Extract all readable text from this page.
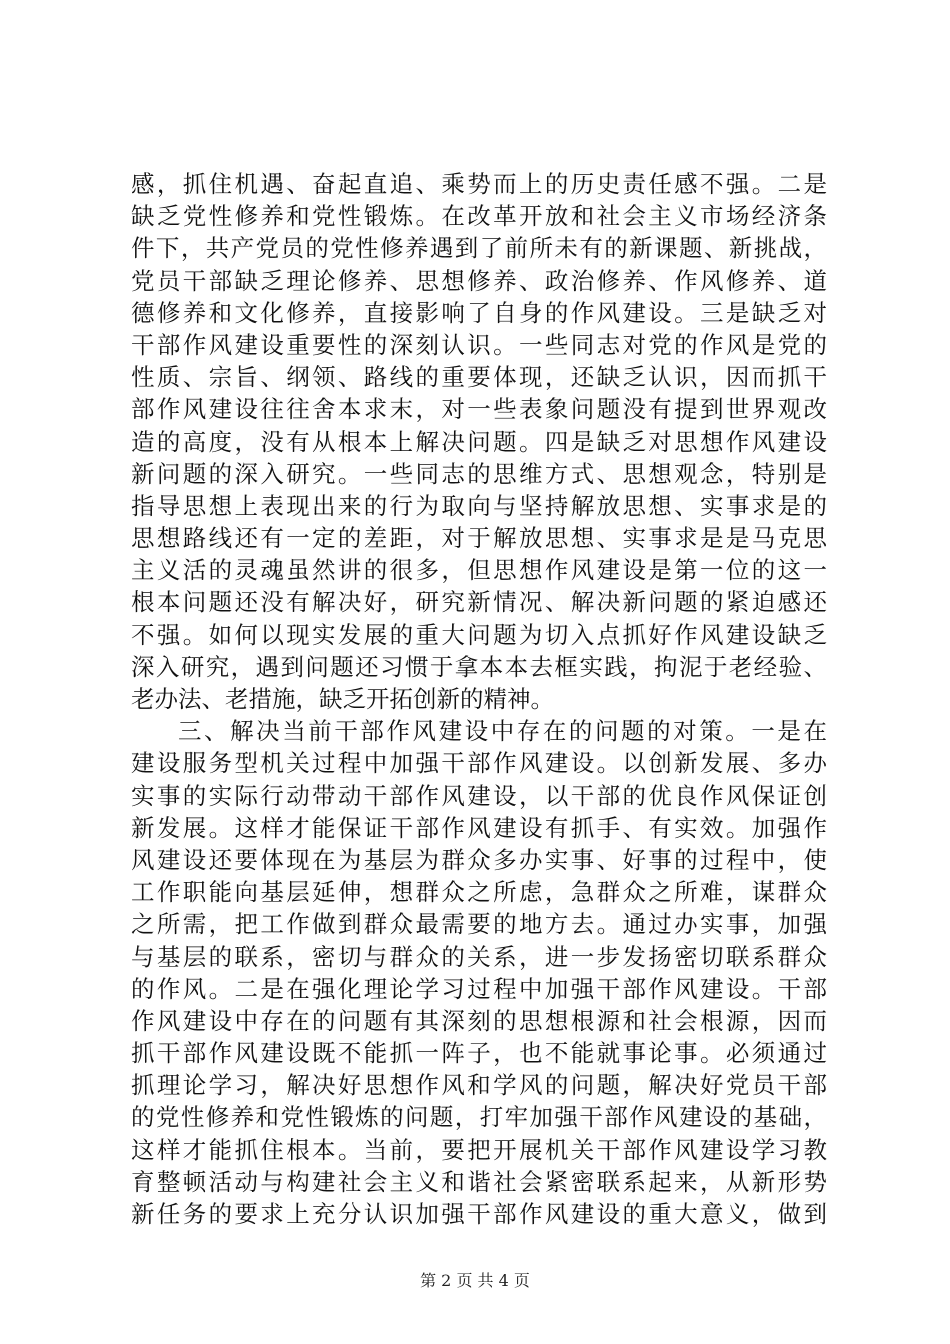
感，抓住机遇、奋起直追、乘势而上的历史责任感不强。二是
缺乏党性修养和党性锻炼。在改革开放和社会主义市场经济条
件下，共产党员的党性修养遇到了前所未有的新课题、新挑战，
党员干部缺乏理论修养、思想修养、政治修养、作风修养、道
德修养和文化修养，直接影响了自身的作风建设。三是缺乏对
干部作风建设重要性的深刻认识。一些同志对党的作风是党的
性质、宗旨、纲领、路线的重要体现，还缺乏认识，因而抓干
部作风建设往往舍本求末，对一些表象问题没有提到世界观改
造的高度，没有从根本上解决问题。四是缺乏对思想作风建设
新问题的深入研究。一些同志的思维方式、思想观念，特别是
指导思想上表现出来的行为取向与坚持解放思想、实事求是的
思想路线还有一定的差距，对于解放思想、实事求是是马克思
主义活的灵魂虽然讲的很多，但思想作风建设是第一位的这一
根本问题还没有解决好，研究新情况、解决新问题的紧迫感还
不强。如何以现实发展的重大问题为切入点抓好作风建设缺乏
深入研究，遇到问题还习惯于拿本本去框实践，拘泥于老经验、
老办法、老措施，缺乏开拓创新的精神。
三、解决当前干部作风建设中存在的问题的对策。一是在
建设服务型机关过程中加强干部作风建设。以创新发展、多办
实事的实际行动带动干部作风建设，以干部的优良作风保证创
新发展。这样才能保证干部作风建设有抓手、有实效。加强作
风建设还要体现在为基层为群众多办实事、好事的过程中，使
工作职能向基层延伸，想群众之所虑，急群众之所难，谋群众
之所需，把工作做到群众最需要的地方去。通过办实事，加强
与基层的联系，密切与群众的关系，进一步发扬密切联系群众
的作风。二是在强化理论学习过程中加强干部作风建设。干部
作风建设中存在的问题有其深刻的思想根源和社会根源，因而
抓干部作风建设既不能抓一阵子，也不能就事论事。必须通过
抓理论学习，解决好思想作风和学风的问题，解决好党员干部
的党性修养和党性锻炼的问题，打牢加强干部作风建设的基础，
这样才能抓住根本。当前，要把开展机关干部作风建设学习教
育整顿活动与构建社会主义和谐社会紧密联系起来，从新形势
新任务的要求上充分认识加强干部作风建设的重大意义，做到
第 2 页 共 4 页
